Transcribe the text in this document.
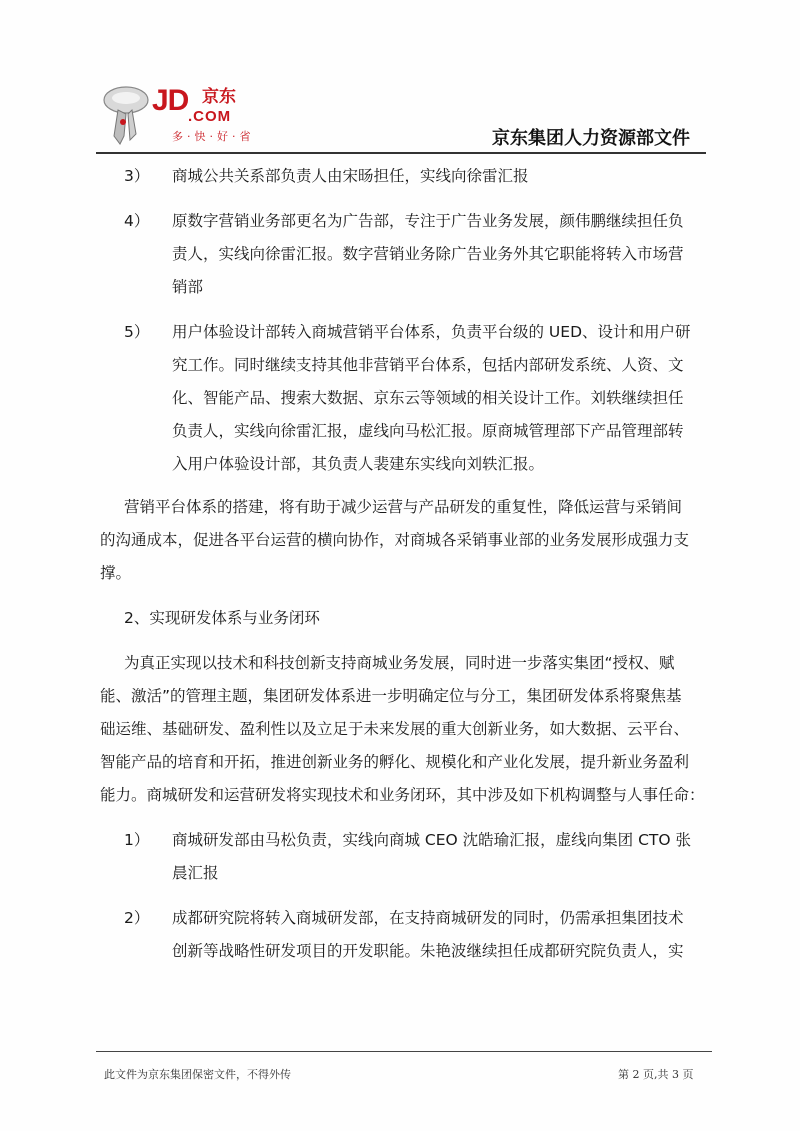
JD 京东
.COM
多·快·好·省	京东集团人力资源部文件
3） 商城公共关系部负责人由宋旸担任，实线向徐雷汇报
4） 原数字营销业务部更名为广告部，专注于广告业务发展，颜伟鹏继续担任负
责人，实线向徐雷汇报。数字营销业务除广告业务外其它职能将转入市场营
销部
5） 用户体验设计部转入商城营销平台体系，负责平台级的 UED、设计和用户研
究工作。同时继续支持其他非营销平台体系，包括内部研发系统、人资、文
化、智能产品、搜索大数据、京东云等领域的相关设计工作。刘轶继续担任
负责人，实线向徐雷汇报，虚线向马松汇报。原商城管理部下产品管理部转
入用户体验设计部，其负责人裴建东实线向刘轶汇报。
营销平台体系的搭建，将有助于减少运营与产品研发的重复性，降低运营与采销间
的沟通成本，促进各平台运营的横向协作，对商城各采销事业部的业务发展形成强力支
撑。
2、实现研发体系与业务闭环
为真正实现以技术和科技创新支持商城业务发展，同时进一步落实集团“授权、赋
能、激活”的管理主题，集团研发体系进一步明确定位与分工，集团研发体系将聚焦基
础运维、基础研发、盈利性以及立足于未来发展的重大创新业务，如大数据、云平台、
智能产品的培育和开拓，推进创新业务的孵化、规模化和产业化发展，提升新业务盈利
能力。商城研发和运营研发将实现技术和业务闭环，其中涉及如下机构调整与人事任命：
1） 商城研发部由马松负责，实线向商城 CEO 沈皓瑜汇报，虚线向集团 CTO 张
晨汇报
2） 成都研究院将转入商城研发部，在支持商城研发的同时，仍需承担集团技术
创新等战略性研发项目的开发职能。朱艳波继续担任成都研究院负责人，实
此文件为京东集团保密文件，不得外传	第 2 页,共 3 页
